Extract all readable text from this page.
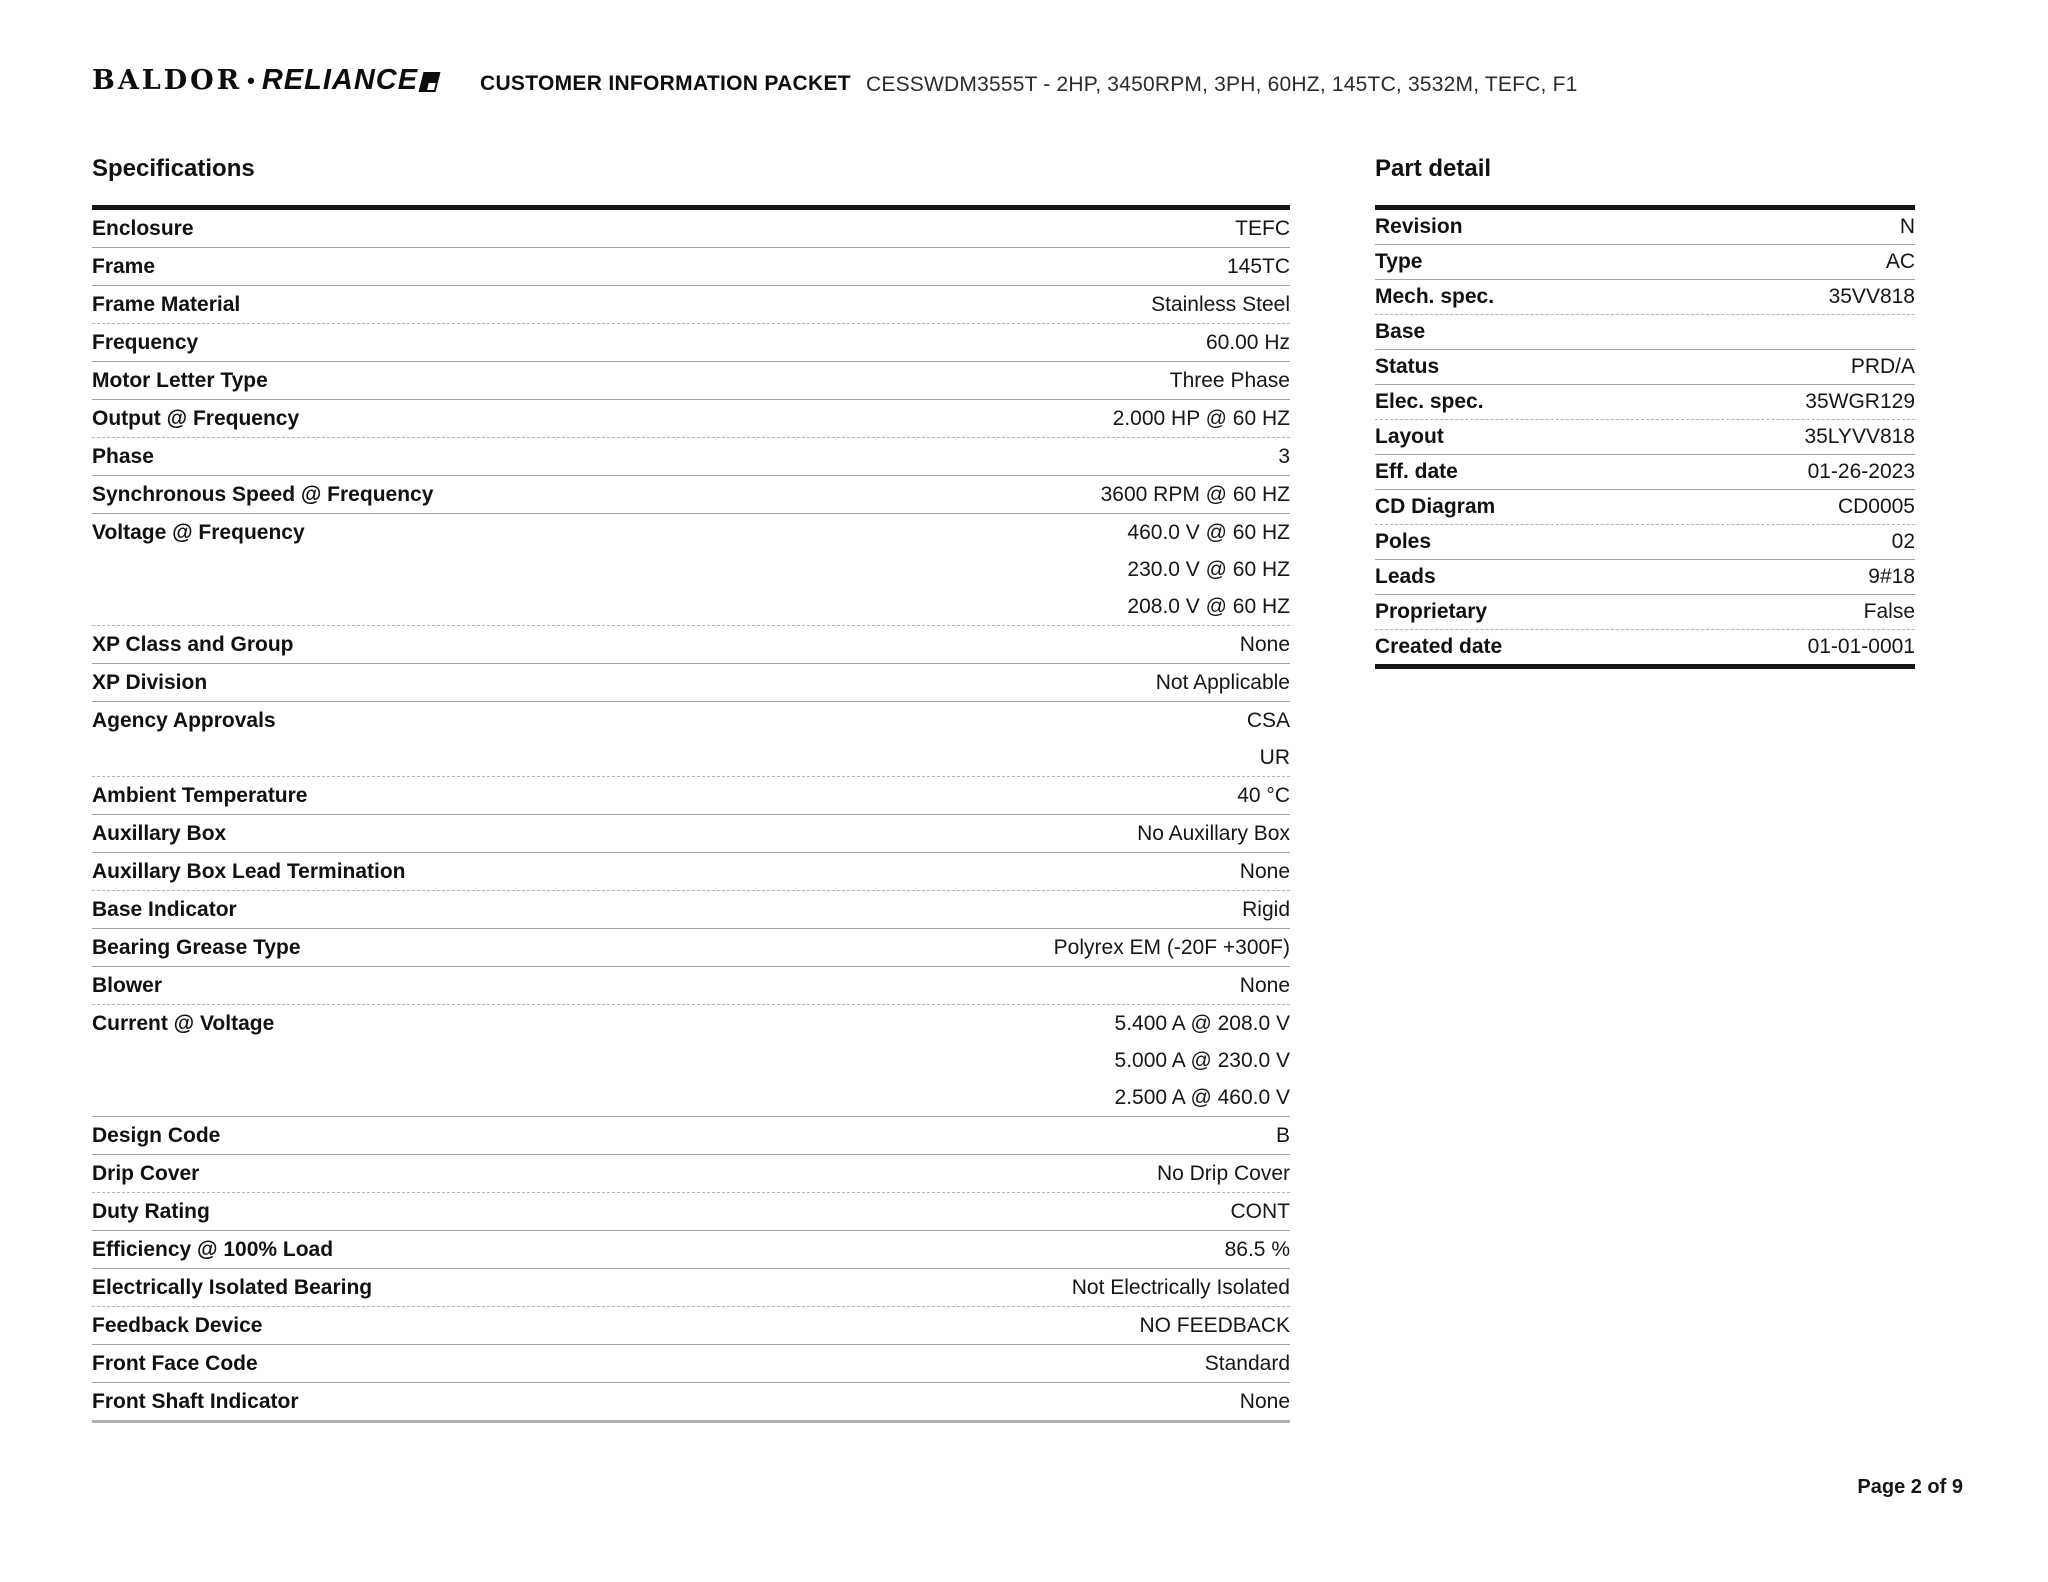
BALDOR • RELIANCE	CUSTOMER INFORMATION PACKET CESSWDM3555T - 2HP, 3450RPM, 3PH, 60HZ, 145TC, 3532M, TEFC, F1
Specifications
Enclosure	TEFC
Frame	145TC
Frame Material	Stainless Steel
Frequency	60.00 Hz
Motor Letter Type	Three Phase
Output @ Frequency	2.000 HP @ 60 HZ
Phase	3
Synchronous Speed @ Frequency	3600 RPM @ 60 HZ
Voltage @ Frequency	460.0 V @ 60 HZ
230.0 V @ 60 HZ
208.0 V @ 60 HZ
XP Class and Group	None
XP Division	Not Applicable
Agency Approvals	CSA
UR
Ambient Temperature	40 °C
Auxillary Box	No Auxillary Box
Auxillary Box Lead Termination	None
Base Indicator	Rigid
Bearing Grease Type	Polyrex EM (-20F +300F)
Blower	None
Current @ Voltage	5.400 A @ 208.0 V
5.000 A @ 230.0 V
2.500 A @ 460.0 V
Design Code	B
Drip Cover	No Drip Cover
Duty Rating	CONT
Efficiency @ 100% Load	86.5 %
Electrically Isolated Bearing	Not Electrically Isolated
Feedback Device	NO FEEDBACK
Front Face Code	Standard
Front Shaft Indicator	None
Part detail
Revision	N
Type	AC
Mech. spec.	35VV818
Base
Status	PRD/A
Elec. spec.	35WGR129
Layout	35LYVV818
Eff. date	01-26-2023
CD Diagram	CD0005
Poles	02
Leads	9#18
Proprietary	False
Created date	01-01-0001
Page 2 of 9
